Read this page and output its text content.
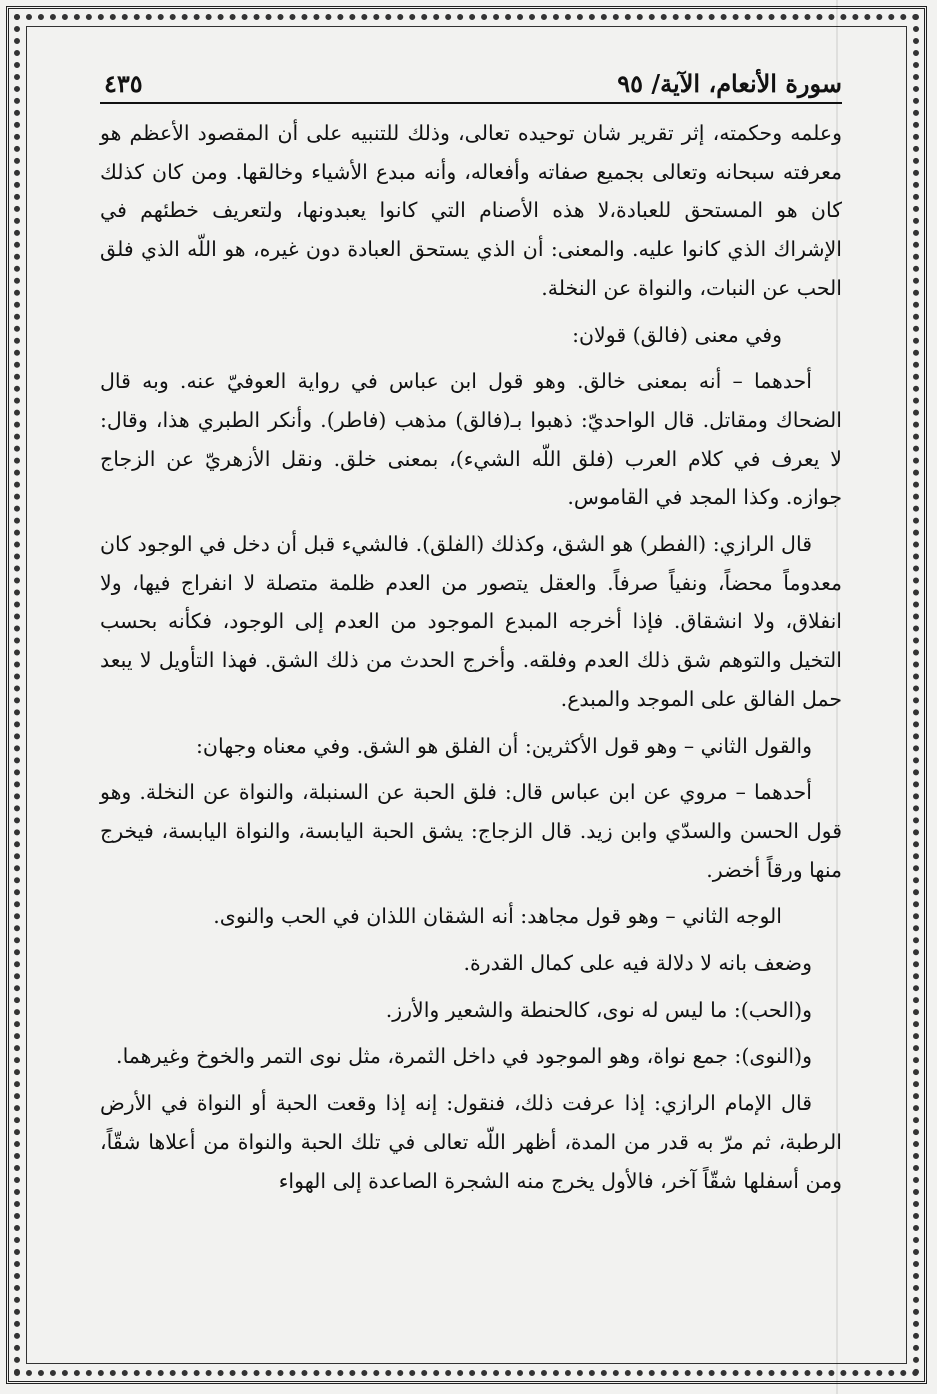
سورة الأنعام، الآية/ ٩٥
٤٣٥

وعلمه وحكمته، إثر تقرير شان توحيده تعالى، وذلك للتنبيه على أن المقصود الأعظم هو معرفته سبحانه وتعالى بجميع صفاته وأفعاله، وأنه مبدع الأشياء وخالقها. ومن كان كذلك كان هو المستحق للعبادة،لا هذه الأصنام التي كانوا يعبدونها، ولتعريف خطئهم في الإشراك الذي كانوا عليه. والمعنى: أن الذي يستحق العبادة دون غيره، هو اللّه الذي فلق الحب عن النبات، والنواة عن النخلة.

وفي معنى (فالق) قولان:

أحدهما – أنه بمعنى خالق. وهو قول ابن عباس في رواية العوفيّ عنه. وبه قال الضحاك ومقاتل. قال الواحديّ: ذهبوا بـ(فالق) مذهب (فاطر). وأنكر الطبري هذا، وقال: لا يعرف في كلام العرب (فلق اللّه الشيء)، بمعنى خلق. ونقل الأزهريّ عن الزجاج جوازه. وكذا المجد في القاموس.

قال الرازي: (الفطر) هو الشق، وكذلك (الفلق). فالشيء قبل أن دخل في الوجود كان معدوماً محضاً، ونفياً صرفاً. والعقل يتصور من العدم ظلمة متصلة لا انفراج فيها، ولا انفلاق، ولا انشقاق. فإذا أخرجه المبدع الموجود من العدم إلى الوجود، فكأنه بحسب التخيل والتوهم شق ذلك العدم وفلقه. وأخرج الحدث من ذلك الشق. فهذا التأويل لا يبعد حمل الفالق على الموجد والمبدع.

والقول الثاني – وهو قول الأكثرين: أن الفلق هو الشق. وفي معناه وجهان:

أحدهما – مروي عن ابن عباس قال: فلق الحبة عن السنبلة، والنواة عن النخلة. وهو قول الحسن والسدّي وابن زيد. قال الزجاج: يشق الحبة اليابسة، والنواة اليابسة، فيخرج منها ورقاً أخضر.

الوجه الثاني – وهو قول مجاهد: أنه الشقان اللذان في الحب والنوى.

وضعف بانه لا دلالة فيه على كمال القدرة.

و(الحب): ما ليس له نوى، كالحنطة والشعير والأرز.

و(النوى): جمع نواة، وهو الموجود في داخل الثمرة، مثل نوى التمر والخوخ وغيرهما.

قال الإمام الرازي: إذا عرفت ذلك، فنقول: إنه إذا وقعت الحبة أو النواة في الأرض الرطبة، ثم مرّ به قدر من المدة، أظهر اللّه تعالى في تلك الحبة والنواة من أعلاها شقّاً، ومن أسفلها شقّاً آخر، فالأول يخرج منه الشجرة الصاعدة إلى الهواء
